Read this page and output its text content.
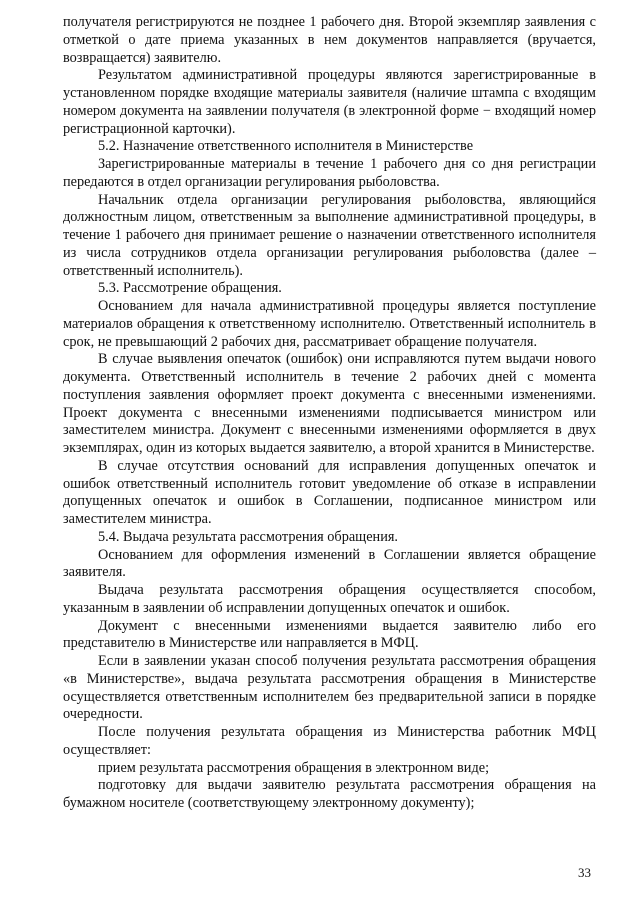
получателя регистрируются не позднее 1 рабочего дня. Второй экземпляр заявления с отметкой о дате приема указанных в нем документов направляется (вручается, возвращается) заявителю.

Результатом административной процедуры являются зарегистрированные в установленном порядке входящие материалы заявителя (наличие штампа с входящим номером документа на заявлении получателя (в электронной форме − входящий номер регистрационной карточки).

5.2. Назначение ответственного исполнителя в Министерстве

Зарегистрированные материалы в течение 1 рабочего дня со дня регистрации передаются в отдел организации регулирования рыболовства.

Начальник отдела организации регулирования рыболовства, являющийся должностным лицом, ответственным за выполнение административной процедуры, в течение 1 рабочего дня принимает решение о назначении ответственного исполнителя из числа сотрудников отдела организации регулирования рыболовства (далее – ответственный исполнитель).

5.3. Рассмотрение обращения.

Основанием для начала административной процедуры является поступление материалов обращения к ответственному исполнителю. Ответственный исполнитель в срок, не превышающий 2 рабочих дня, рассматривает обращение получателя.

В случае выявления опечаток (ошибок) они исправляются путем выдачи нового документа. Ответственный исполнитель в течение 2 рабочих дней с момента поступления заявления оформляет проект документа с внесенными изменениями. Проект документа с внесенными изменениями подписывается министром или заместителем министра. Документ с внесенными изменениями оформляется в двух экземплярах, один из которых выдается заявителю, а второй хранится в Министерстве.

В случае отсутствия оснований для исправления допущенных опечаток и ошибок ответственный исполнитель готовит уведомление об отказе в исправлении допущенных опечаток и ошибок в Соглашении, подписанное министром или заместителем министра.

5.4. Выдача результата рассмотрения обращения.

Основанием для оформления изменений в Соглашении является обращение заявителя.

Выдача результата рассмотрения обращения осуществляется способом, указанным в заявлении об исправлении допущенных опечаток и ошибок.

Документ с внесенными изменениями выдается заявителю либо его представителю в Министерстве или направляется в МФЦ.

Если в заявлении указан способ получения результата рассмотрения обращения «в Министерстве», выдача результата рассмотрения обращения в Министерстве осуществляется ответственным исполнителем без предварительной записи в порядке очередности.

После получения результата обращения из Министерства работник МФЦ осуществляет:

прием результата рассмотрения обращения в электронном виде;

подготовку для выдачи заявителю результата рассмотрения обращения на бумажном носителе (соответствующему электронному документу);

33
